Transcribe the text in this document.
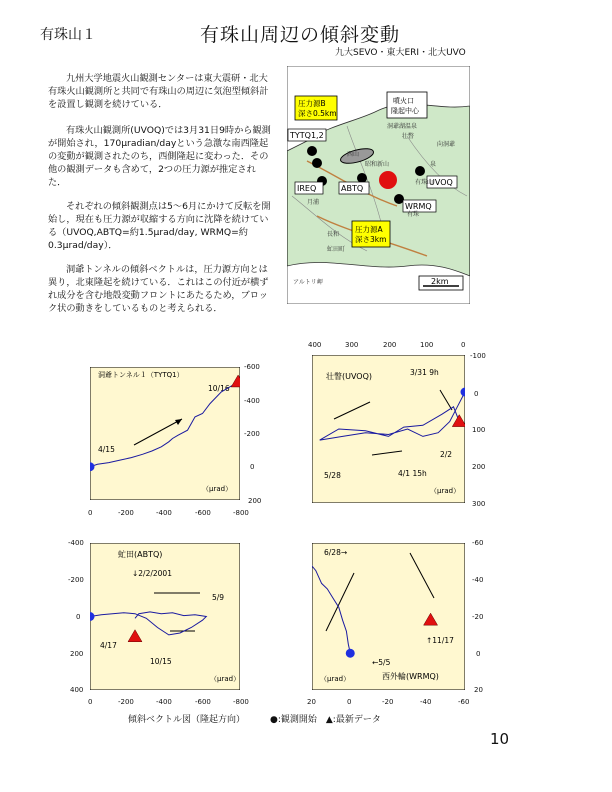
有珠山１	有珠山周辺の傾斜変動
九大SEVO・東大ERI・北大UVO

九州大学地震火山観測センターは東大震研・北大有珠火山観測所と共同で有珠山の周辺に気泡型傾斜計を設置し観測を続けている．

有珠火山観測所(UVOQ)では3月31日9時から観測が開始され，170μradian/dayという急激な南西隆起の変動が観測されたのち，西側隆起に変わった．その他の観測データも含めて，2つの圧力源が推定された．

それぞれの傾斜観測点は5～6月にかけて反転を開始し，現在も圧力源が収縮する方向に沈降を続けている（UVOQ,ABTQ=約1.5μrad/day, WRMQ=約0.3μrad/day）．

洞爺トンネルの傾斜ベクトルは，圧力源方向とは異り，北東隆起を続けている．これはこの付近が横ずれ成分を含む地殻変動フロントにあたるため，ブロック状の動きをしているものと考えられる．

圧力源B
深さ0.5km
圧力源A
深さ3km
噴火口
隆起中心
TYTQ1,2
UVOQ
IREQ	ABTQ
WRMQ
洞爺湖温泉
昭和新山
西山
有珠山
泉
向洞爺
月浦
有珠
壮瞥
アルトリ岬
長和
虻田町
2km
-600
-400
-200
0
200
0	-200	-400	-600	-800
400	300	200	100	0
-100
0
100
200
300
-400
-200
0
200
400
0	-200	-400	-600	-800
-60
-40
-20
0
20
20	0	-20	-40	-60
洞爺トンネル１（TYTQ1）
10/16
4/15
（μrad）
壮瞥(UVOQ)	3/31 9h
2/2
4/1 15h
5/28
（μrad）
虻田(ABTQ)
↓2/2/2001
5/9
4/17
10/15
（μrad）
6/28→
↑11/17
←5/5
西外輪(WRMQ)
（μrad）
傾斜ベクトル図（隆起方向）	●:観測開始　▲:最新データ
10
